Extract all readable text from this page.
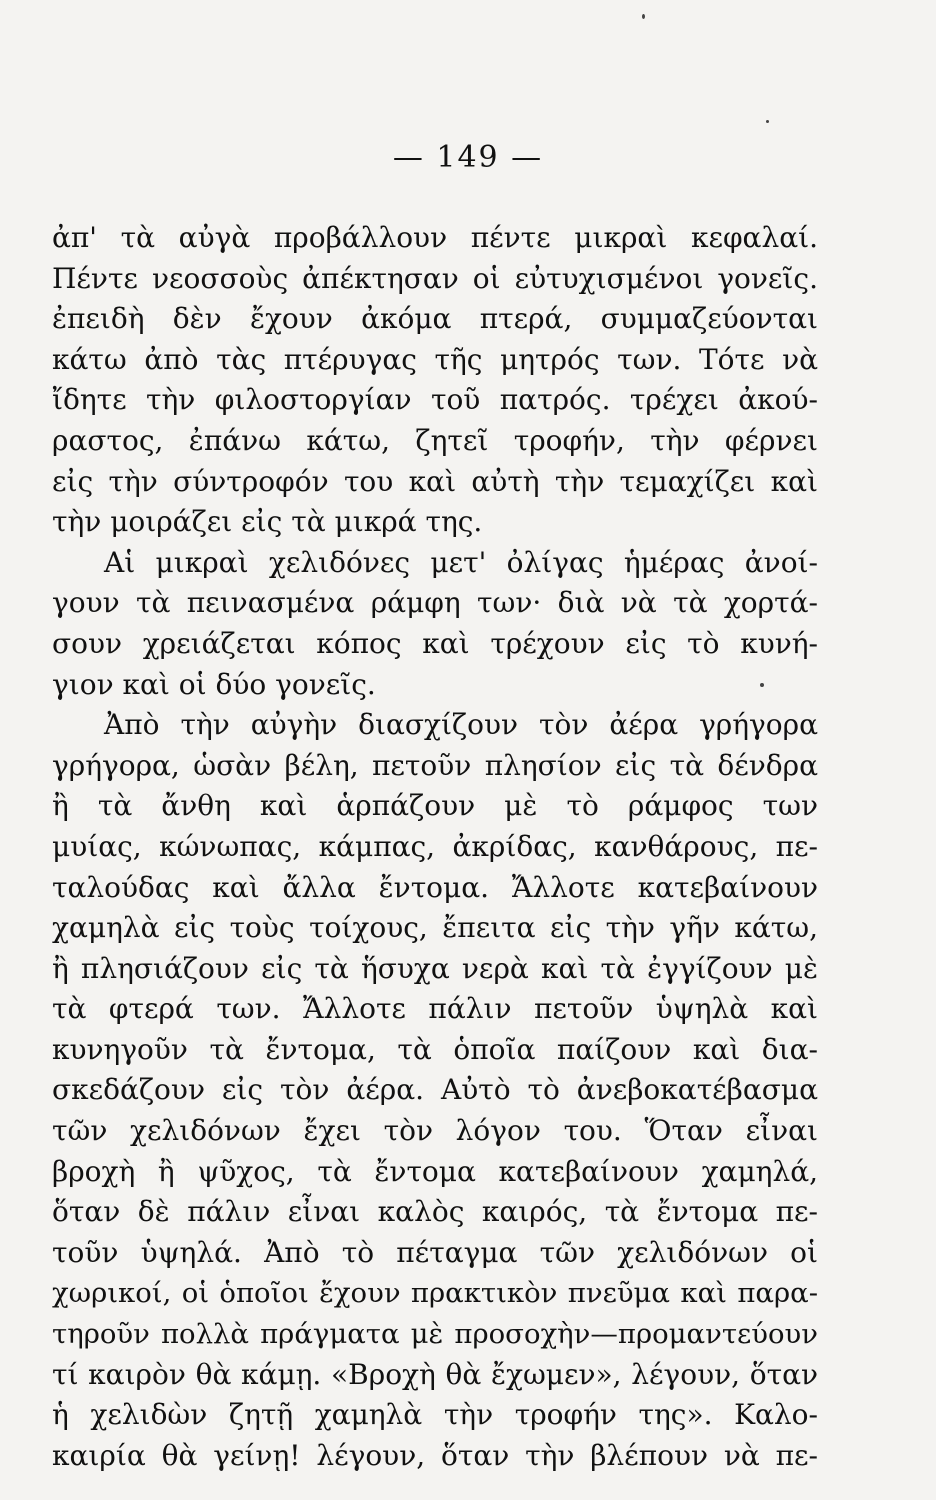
— 149 —
ἀπ' τὰ αὐγὰ προβάλλουν πέντε μικραὶ κεφαλαί.
Πέντε νεοσσοὺς ἀπέκτησαν οἱ εὐτυχισμένοι γονεῖς.
ἐπειδὴ δὲν ἔχουν ἀκόμα πτερά, συμμαζεύονται
κάτω ἀπὸ τὰς πτέρυγας τῆς μητρός των. Τότε νὰ
ἴδητε τὴν φιλοστοργίαν τοῦ πατρός. τρέχει ἀκού-
ραστος, ἐπάνω κάτω, ζητεῖ τροφήν, τὴν φέρνει
εἰς τὴν σύντροφόν του καὶ αὐτὴ τὴν τεμαχίζει καὶ
τὴν μοιράζει εἰς τὰ μικρά της.
Αἱ μικραὶ χελιδόνες μετ' ὀλίγας ἡμέρας ἀνοί-
γουν τὰ πεινασμένα ράμφη των· διὰ νὰ τὰ χορτά-
σουν χρειάζεται κόπος καὶ τρέχουν εἰς τὸ κυνή-
γιον καὶ οἱ δύο γονεῖς.
Ἀπὸ τὴν αὐγὴν διασχίζουν τὸν ἀέρα γρήγορα
γρήγορα, ὡσὰν βέλη, πετοῦν πλησίον εἰς τὰ δένδρα
ἢ τὰ ἄνθη καὶ ἁρπάζουν μὲ τὸ ράμφος των
μυίας, κώνωπας, κάμπας, ἀκρίδας, κανθάρους, πε-
ταλούδας καὶ ἄλλα ἔντομα. Ἄλλοτε κατεβαίνουν
χαμηλὰ εἰς τοὺς τοίχους, ἔπειτα εἰς τὴν γῆν κάτω,
ἢ πλησιάζουν εἰς τὰ ἥσυχα νερὰ καὶ τὰ ἐγγίζουν μὲ
τὰ φτερά των. Ἄλλοτε πάλιν πετοῦν ὑψηλὰ καὶ
κυνηγοῦν τὰ ἔντομα, τὰ ὁποῖα παίζουν καὶ δια-
σκεδάζουν εἰς τὸν ἀέρα. Αὐτὸ τὸ ἀνεβοκατέβασμα
τῶν χελιδόνων ἔχει τὸν λόγον του. Ὅταν εἶναι
βροχὴ ἢ ψῦχος, τὰ ἔντομα κατεβαίνουν χαμηλά,
ὅταν δὲ πάλιν εἶναι καλὸς καιρός, τὰ ἔντομα πε-
τοῦν ὑψηλά. Ἀπὸ τὸ πέταγμα τῶν χελιδόνων οἱ
χωρικοί, οἱ ὁποῖοι ἔχουν πρακτικὸν πνεῦμα καὶ παρα-
τηροῦν πολλὰ πράγματα μὲ προσοχὴν—προμαντεύουν
τί καιρὸν θὰ κάμῃ. «Βροχὴ θὰ ἔχωμεν», λέγουν, ὅταν
ἡ χελιδὼν ζητῇ χαμηλὰ τὴν τροφήν της». Καλο-
καιρία θὰ γείνῃ! λέγουν, ὅταν τὴν βλέπουν νὰ πε-
